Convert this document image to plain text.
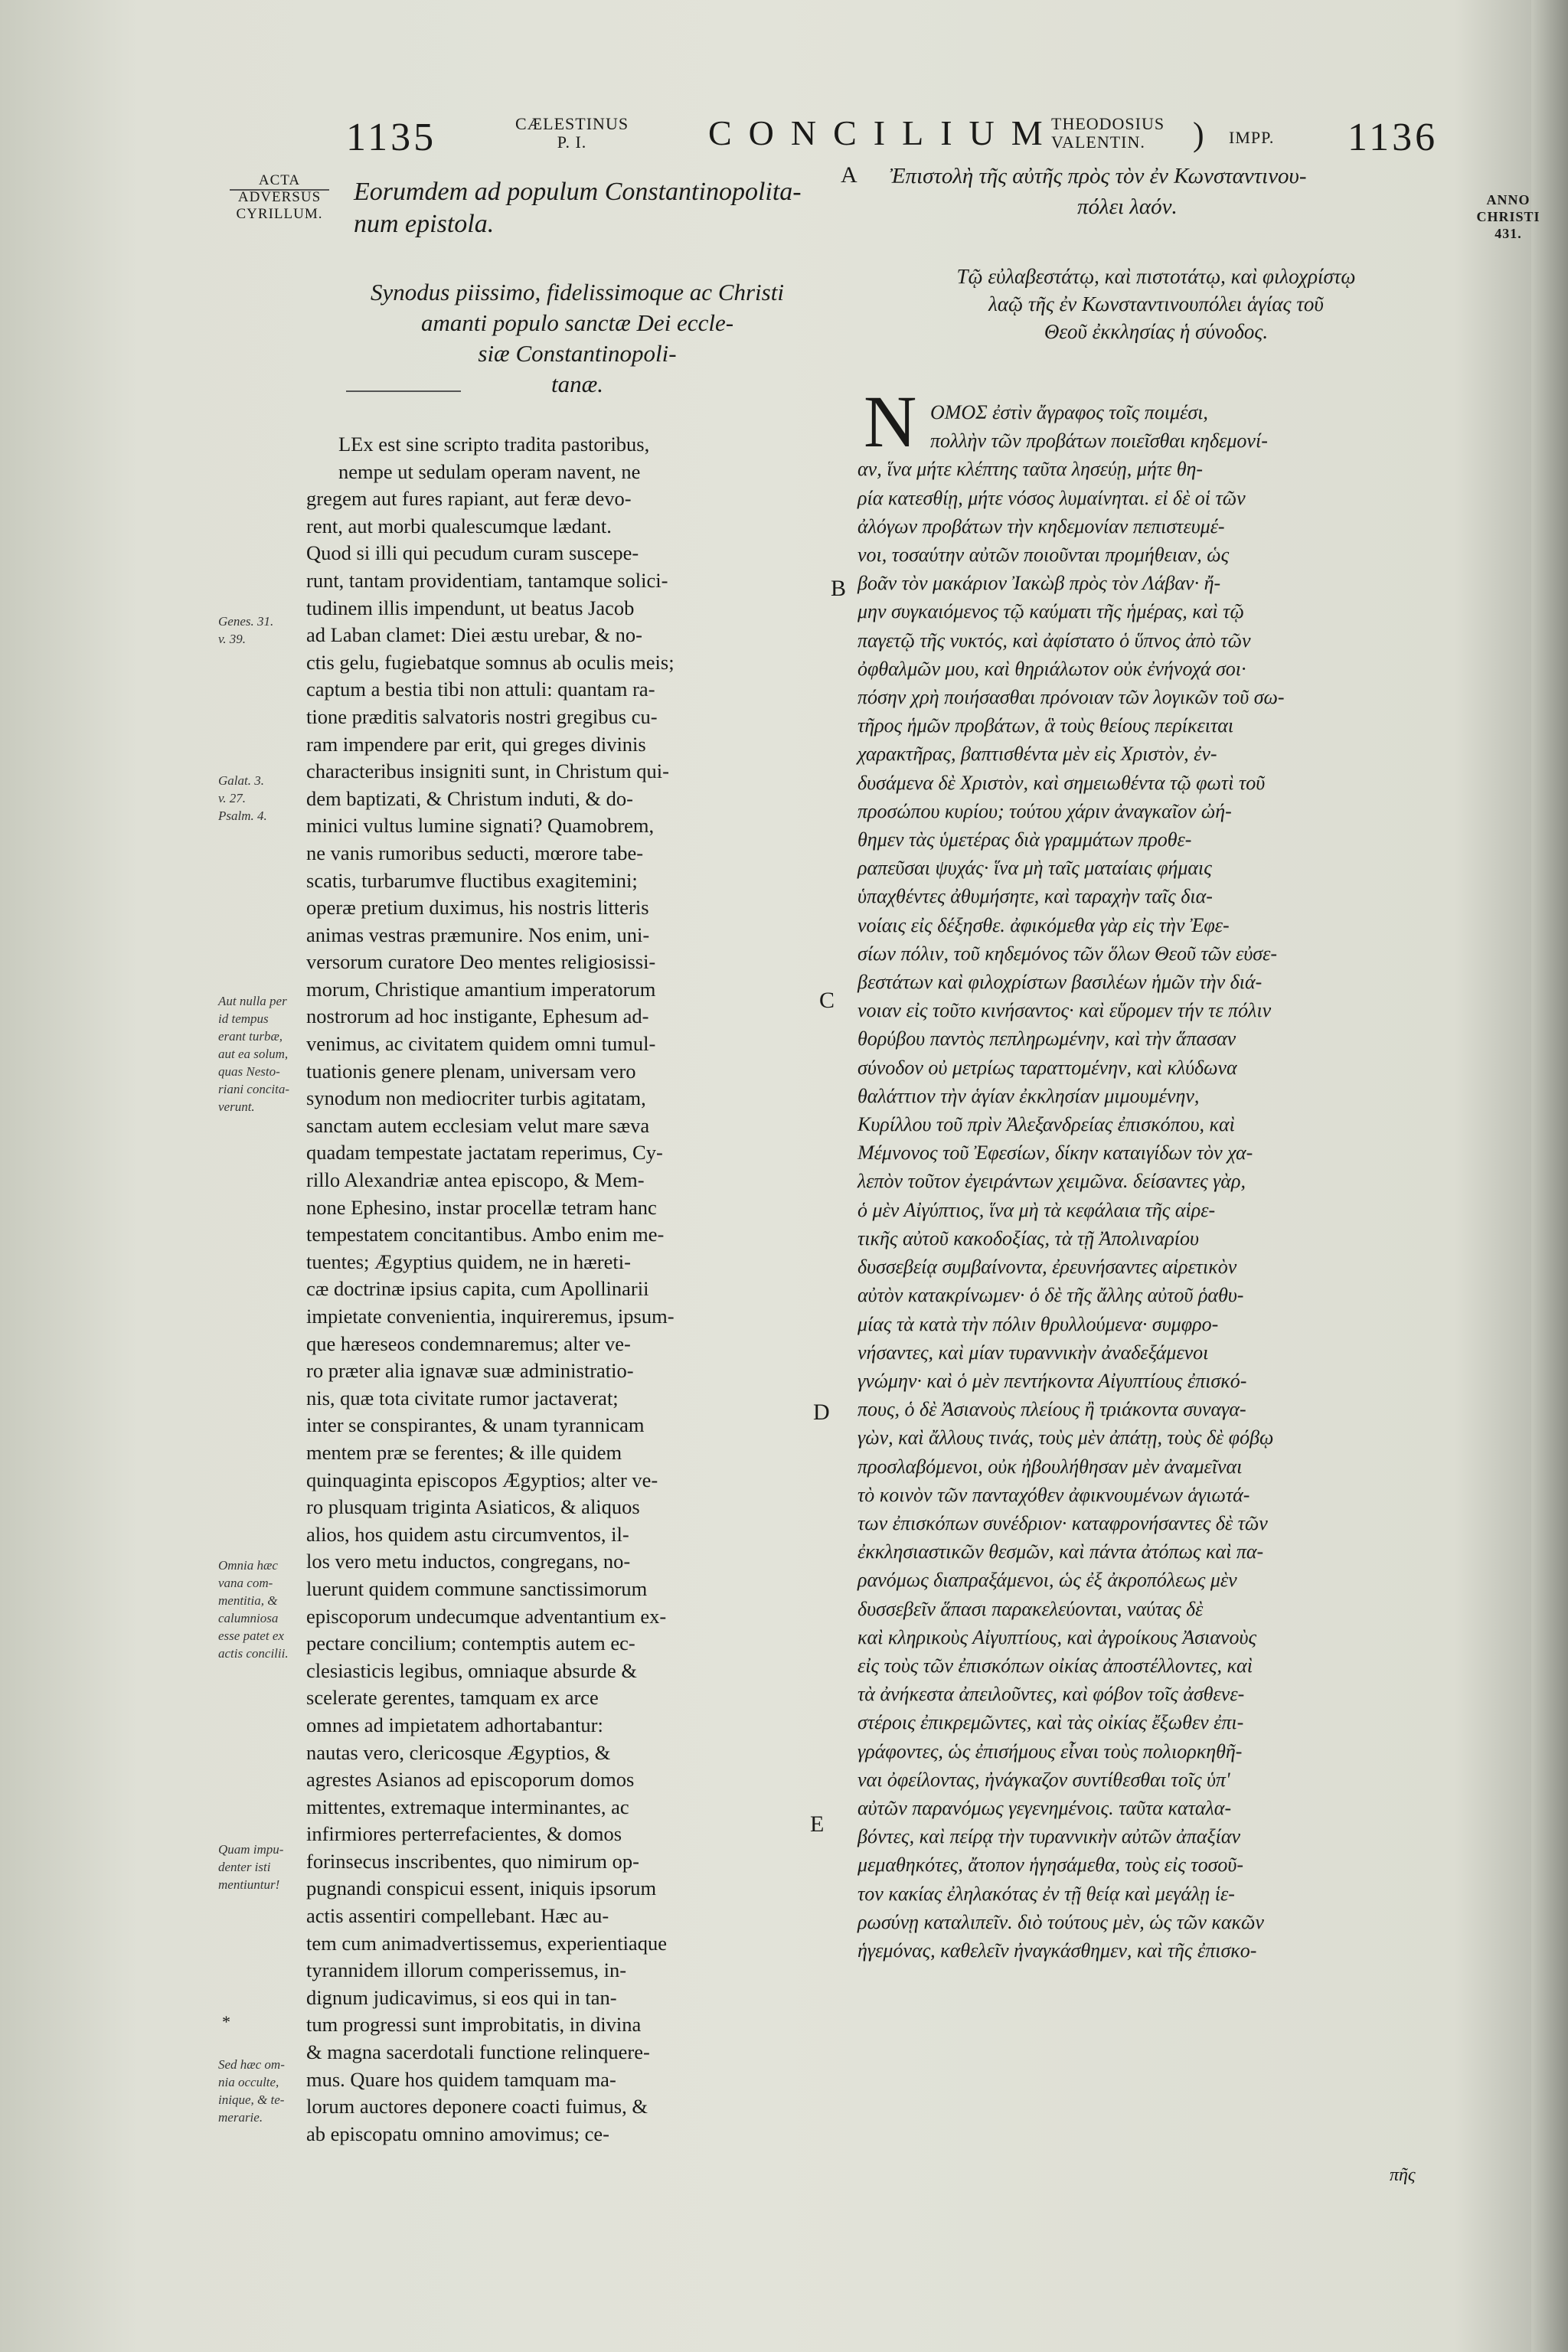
1135	CÆLESTINUS
P. I.	CONCILIUM
THEODOSIUS
VALENTIN.	) IMPP. 1136
ACTA
ADVERSUS
CYRILLUM.
ANNO
CHRISTI
431.
Genes. 31.
v. 39.
Galat. 3.
v. 27.
Psalm. 4.
Aut nulla per
id tempus
erant turbæ,
aut ea solum,
quas Nesto-
riani concita-
verunt.
Omnia hæc
vana com-
mentitia, &
calumniosa
esse patet ex
actis concilii.
Quam impu-
denter isti
mentiuntur!
*
Sed hæc om-
nia occulte,
inique, & te-
merarie.
A
B
C
D
E
Eorumdem ad populum Constantinopolita-
num epistola.
Synodus piissimo, fidelissimoque ac Christi
amanti populo sanctæ Dei eccle-
siæ Constantinopoli-
tanæ.
LEx est sine scripto tradita pastoribus,
nempe ut sedulam operam navent, ne
gregem aut fures rapiant, aut feræ devo-
rent, aut morbi qualescumque lædant.
Quod si illi qui pecudum curam suscepe-
runt, tantam providentiam, tantamque solici-
tudinem illis impendunt, ut beatus Jacob
ad Laban clamet: Diei æstu urebar, & no-
ctis gelu, fugiebatque somnus ab oculis meis;
captum a bestia tibi non attuli: quantam ra-
tione præditis salvatoris nostri gregibus cu-
ram impendere par erit, qui greges divinis
characteribus insigniti sunt, in Christum qui-
dem baptizati, & Christum induti, & do-
minici vultus lumine signati? Quamobrem,
ne vanis rumoribus seducti, mœrore tabe-
scatis, turbarumve fluctibus exagitemini;
operæ pretium duximus, his nostris litteris
animas vestras præmunire. Nos enim, uni-
versorum curatore Deo mentes religiosissi-
morum, Christique amantium imperatorum
nostrorum ad hoc instigante, Ephesum ad-
venimus, ac civitatem quidem omni tumul-
tuationis genere plenam, universam vero
synodum non mediocriter turbis agitatam,
sanctam autem ecclesiam velut mare sæva
quadam tempestate jactatam reperimus, Cy-
rillo Alexandriæ antea episcopo, & Mem-
none Ephesino, instar procellæ tetram hanc
tempestatem concitantibus. Ambo enim me-
tuentes; Ægyptius quidem, ne in hæreti-
cæ doctrinæ ipsius capita, cum Apollinarii
impietate convenientia, inquireremus, ipsum-
que hæreseos condemnaremus; alter ve-
ro præter alia ignavæ suæ administratio-
nis, quæ tota civitate rumor jactaverat;
inter se conspirantes, & unam tyrannicam
mentem præ se ferentes; & ille quidem
quinquaginta episcopos Ægyptios; alter ve-
ro plusquam triginta Asiaticos, & aliquos
alios, hos quidem astu circumventos, il-
los vero metu inductos, congregans, no-
luerunt quidem commune sanctissimorum
episcoporum undecumque adventantium ex-
pectare concilium; contemptis autem ec-
clesiasticis legibus, omniaque absurde &
scelerate gerentes, tamquam ex arce
omnes ad impietatem adhortabantur:
nautas vero, clericosque Ægyptios, &
agrestes Asianos ad episcoporum domos
mittentes, extremaque interminantes, ac
infirmiores perterrefacientes, & domos
forinsecus inscribentes, quo nimirum op-
pugnandi conspicui essent, iniquis ipsorum
actis assentiri compellebant. Hæc au-
tem cum animadvertissemus, experientiaque
tyrannidem illorum comperissemus, in-
dignum judicavimus, si eos qui in tan-
tum progressi sunt improbitatis, in divina
& magna sacerdotali functione relinquere-
mus. Quare hos quidem tamquam ma-
lorum auctores deponere coacti fuimus, &
ab episcopatu omnino amovimus; ce-
Ἐπιστολὴ τῆς αὐτῆς πρὸς τὸν ἐν Κωνσταντινου-
πόλει λαόν.
Τῷ εὐλαβεστάτῳ, καὶ πιστοτάτῳ, καὶ φιλοχρίστῳ
λαῷ τῆς ἐν Κωνσταντινουπόλει ἁγίας τοῦ
Θεοῦ ἐκκλησίας ἡ σύνοδος.
N ΟΜΟΣ ἐστὶν ἄγραφος τοῖς ποιμέσι,
πολλὴν τῶν προβάτων ποιεῖσθαι κηδεμονί-
αν, ἵνα μήτε κλέπτης ταῦτα λησεύῃ, μήτε θη-
ρία κατεσθίῃ, μήτε νόσος λυμαίνηται. εἰ δὲ οἱ τῶν
ἀλόγων προβάτων τὴν κηδεμονίαν πεπιστευμέ-
νοι, τοσαύτην αὐτῶν ποιοῦνται προμήθειαν, ὡς
βοᾶν τὸν μακάριον Ἰακὼβ πρὸς τὸν Λάβαν· ἤ-
μην συγκαιόμενος τῷ καύματι τῆς ἡμέρας, καὶ τῷ
παγετῷ τῆς νυκτός, καὶ ἀφίστατο ὁ ὕπνος ἀπὸ τῶν
ὀφθαλμῶν μου, καὶ θηριάλωτον οὐκ ἐνήνοχά σοι·
πόσην χρὴ ποιήσασθαι πρόνοιαν τῶν λογικῶν τοῦ σω-
τῆρος ἡμῶν προβάτων, ἃ τοὺς θείους περίκειται
χαρακτῆρας, βαπτισθέντα μὲν εἰς Χριστὸν, ἐν-
δυσάμενα δὲ Χριστὸν, καὶ σημειωθέντα τῷ φωτὶ τοῦ
προσώπου κυρίου; τούτου χάριν ἀναγκαῖον ὠή-
θημεν τὰς ὑμετέρας διὰ γραμμάτων προθε-
ραπεῦσαι ψυχάς· ἵνα μὴ ταῖς ματαίαις φήμαις
ὑπαχθέντες ἀθυμήσητε, καὶ ταραχὴν ταῖς δια-
νοίαις εἰς δέξησθε. ἀφικόμεθα γὰρ εἰς τὴν Ἐφε-
σίων πόλιν, τοῦ κηδεμόνος τῶν ὅλων Θεοῦ τῶν εὐσε-
βεστάτων καὶ φιλοχρίστων βασιλέων ἡμῶν τὴν διά-
νοιαν εἰς τοῦτο κινήσαντος· καὶ εὕρομεν τήν τε πόλιν
θορύβου παντὸς πεπληρωμένην, καὶ τὴν ἅπασαν
σύνοδον οὐ μετρίως ταραττομένην, καὶ κλύδωνα
θαλάττιον τὴν ἁγίαν ἐκκλησίαν μιμουμένην,
Κυρίλλου τοῦ πρὶν Ἀλεξανδρείας ἐπισκόπου, καὶ
Μέμνονος τοῦ Ἐφεσίων, δίκην καταιγίδων τὸν χα-
λεπὸν τοῦτον ἐγειράντων χειμῶνα. δείσαντες γὰρ,
ὁ μὲν Αἰγύπτιος, ἵνα μὴ τὰ κεφάλαια τῆς αἱρε-
τικῆς αὐτοῦ κακοδοξίας, τὰ τῇ Ἀπολιναρίου
δυσσεβείᾳ συμβαίνοντα, ἐρευνήσαντες αἱρετικὸν
αὐτὸν κατακρίνωμεν· ὁ δὲ τῆς ἄλλης αὐτοῦ ῥαθυ-
μίας τὰ κατὰ τὴν πόλιν θρυλλούμενα· συμφρο-
νήσαντες, καὶ μίαν τυραννικὴν ἀναδεξάμενοι
γνώμην· καὶ ὁ μὲν πεντήκοντα Αἰγυπτίους ἐπισκό-
πους, ὁ δὲ Ἀσιανοὺς πλείους ἢ τριάκοντα συναγα-
γὼν, καὶ ἄλλους τινάς, τοὺς μὲν ἀπάτῃ, τοὺς δὲ φόβῳ
προσλαβόμενοι, οὐκ ἠβουλήθησαν μὲν ἀναμεῖναι
τὸ κοινὸν τῶν πανταχόθεν ἀφικνουμένων ἁγιωτά-
των ἐπισκόπων συνέδριον· καταφρονήσαντες δὲ τῶν
ἐκκλησιαστικῶν θεσμῶν, καὶ πάντα ἀτόπως καὶ πα-
ρανόμως διαπραξάμενοι, ὡς ἐξ ἀκροπόλεως μὲν
δυσσεβεῖν ἅπασι παρακελεύονται, ναύτας δὲ
καὶ κληρικοὺς Αἰγυπτίους, καὶ ἀγροίκους Ἀσιανοὺς
εἰς τοὺς τῶν ἐπισκόπων οἰκίας ἀποστέλλοντες, καὶ
τὰ ἀνήκεστα ἀπειλοῦντες, καὶ φόβον τοῖς ἀσθενε-
στέροις ἐπικρεμῶντες, καὶ τὰς οἰκίας ἔξωθεν ἐπι-
γράφοντες, ὡς ἐπισήμους εἶναι τοὺς πολιορκηθῆ-
ναι ὀφείλοντας, ἠνάγκαζον συντίθεσθαι τοῖς ὑπ'
αὐτῶν παρανόμως γεγενημένοις. ταῦτα καταλα-
βόντες, καὶ πείρᾳ τὴν τυραννικὴν αὐτῶν ἀπαξίαν
μεμαθηκότες, ἄτοπον ἡγησάμεθα, τοὺς εἰς τοσοῦ-
τον κακίας ἐληλακότας ἐν τῇ θείᾳ καὶ μεγάλῃ ἱε-
ρωσύνῃ καταλιπεῖν. διὸ τούτους μὲν, ὡς τῶν κακῶν
ἡγεμόνας, καθελεῖν ἠναγκάσθημεν, καὶ τῆς ἐπισκο-
πῆς
